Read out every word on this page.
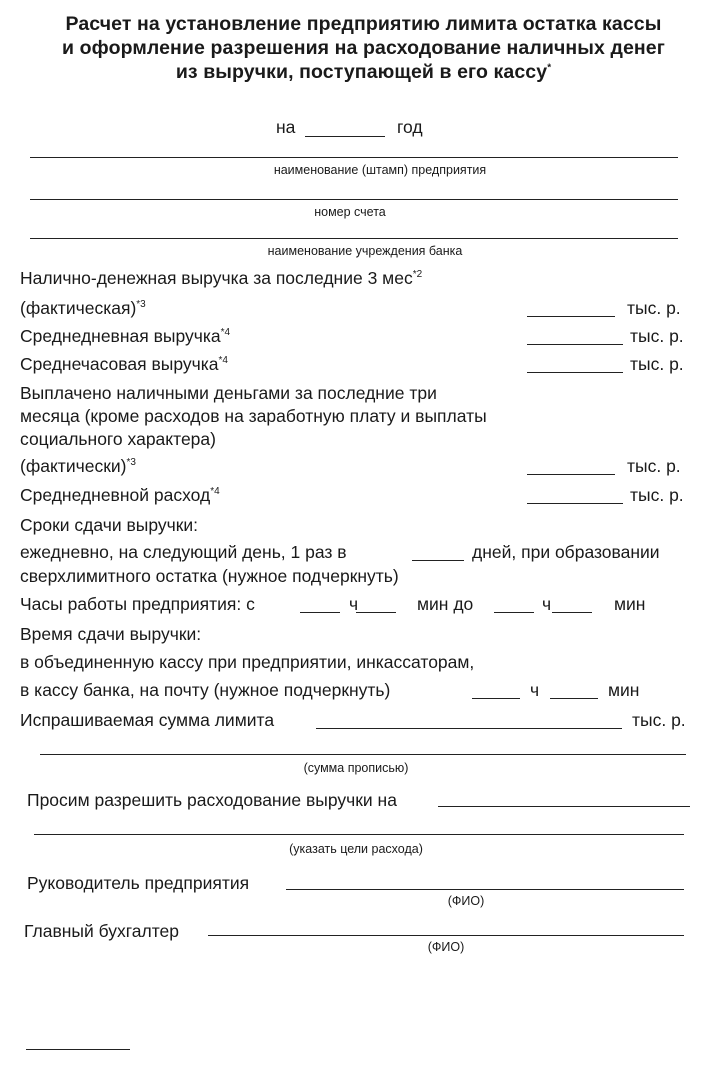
Расчет на установление предприятию лимита остатка кассы
и оформление разрешения на расходование наличных денег
из выручки, поступающей в его кассу*
на	год
наименование (штамп) предприятия
номер счета
наименование учреждения банка
Налично-денежная выручка за последние 3 мес$^{*2}$
(фактическая)$^{*3}$	тыс. р.
Среднедневная выручка$^{*4}$	тыс. р.
Среднечасовая выручка$^{*4}$	тыс. р.
Выплачено наличными деньгами за последние три
месяца (кроме расходов на заработную плату и выплаты
социального характера)
(фактически)$^{*3}$	тыс. р.
Среднедневной расход$^{*4}$	тыс. р.
Сроки сдачи выручки:
ежедневно, на следующий день, 1 раз в	дней, при образовании
сверхлимитного остатка (нужное подчеркнуть)
Часы работы предприятия: с	ч	мин до	ч	мин
Время сдачи выручки:
в объединенную кассу при предприятии, инкассаторам,
в кассу банка, на почту (нужное подчеркнуть)	ч	мин
Испрашиваемая сумма лимита	тыс. р.
(сумма прописью)
Просим разрешить расходование выручки на
(указать цели расхода)
Руководитель предприятия
(ФИО)
Главный бухгалтер
(ФИО)
